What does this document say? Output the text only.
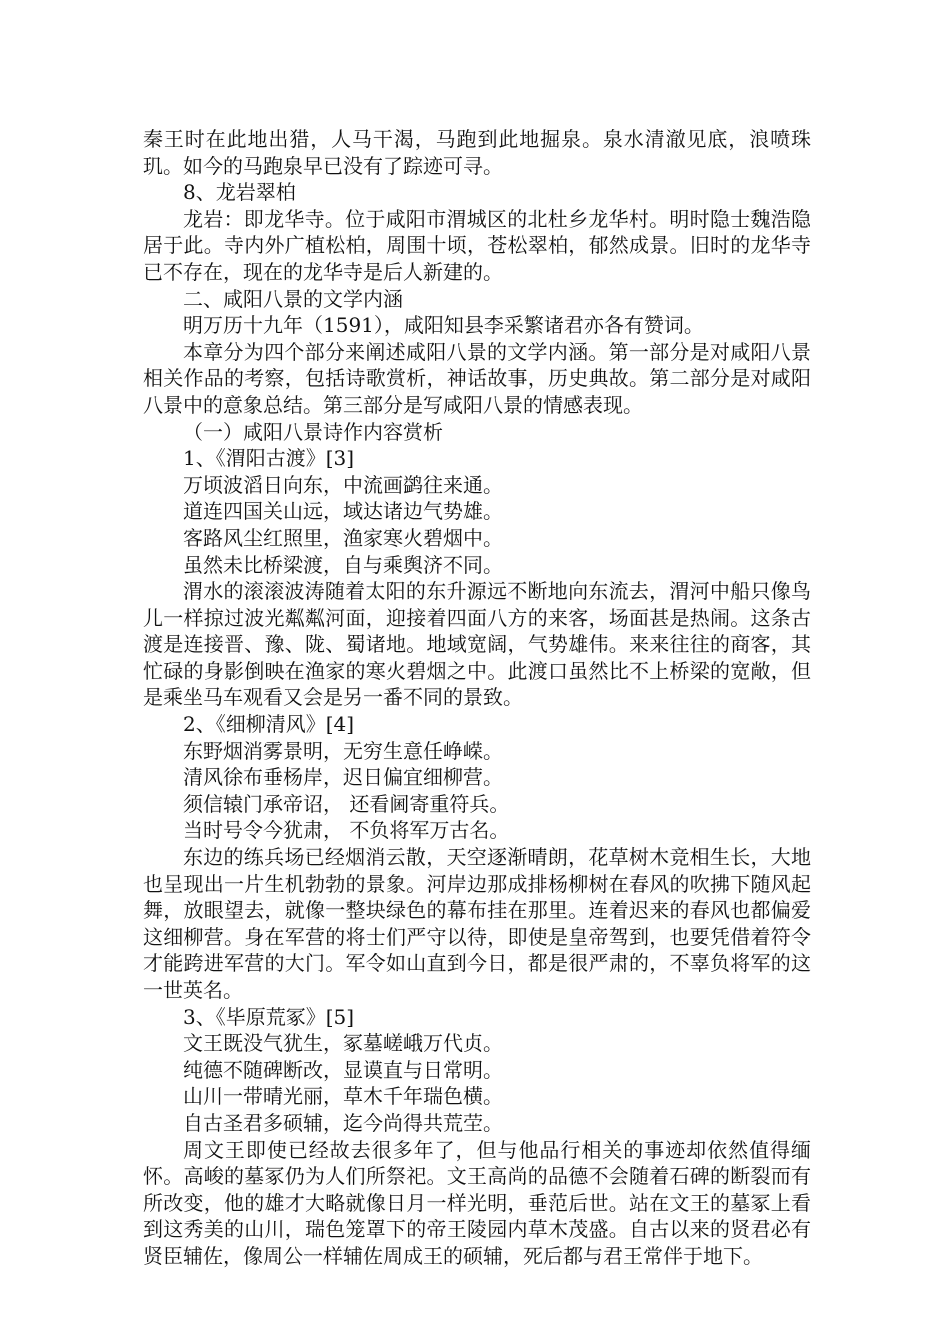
秦王时在此地出猎，人马干渴，马跑到此地掘泉。泉水清澈见底，浪喷珠玑。如今的马跑泉早已没有了踪迹可寻。

8、龙岩翠柏

龙岩：即龙华寺。位于咸阳市渭城区的北杜乡龙华村。明时隐士魏浩隐居于此。寺内外广植松柏，周围十顷，苍松翠柏，郁然成景。旧时的龙华寺已不存在，现在的龙华寺是后人新建的。

二、咸阳八景的文学内涵

明万历十九年（1591），咸阳知县李采繁诸君亦各有赞词。

本章分为四个部分来阐述咸阳八景的文学内涵。第一部分是对咸阳八景相关作品的考察，包括诗歌赏析，神话故事，历史典故。第二部分是对咸阳八景中的意象总结。第三部分是写咸阳八景的情感表现。

（一）咸阳八景诗作内容赏析

1、《渭阳古渡》[3]

万顷波滔日向东，中流画鹢往来通。

道连四国关山远，域达诸边气势雄。

客路风尘红照里，渔家寒火碧烟中。

虽然未比桥梁渡，自与乘舆济不同。

渭水的滚滚波涛随着太阳的东升源远不断地向东流去，渭河中船只像鸟儿一样掠过波光粼粼河面，迎接着四面八方的来客，场面甚是热闹。这条古渡是连接晋、豫、陇、蜀诸地。地域宽阔，气势雄伟。来来往往的商客，其忙碌的身影倒映在渔家的寒火碧烟之中。此渡口虽然比不上桥梁的宽敞，但是乘坐马车观看又会是另一番不同的景致。

2、《细柳清风》[4]

东野烟消雾景明，无穷生意任峥嵘。

清风徐布垂杨岸，迟日偏宜细柳营。

须信辕门承帝诏， 还看阃寄重符兵。

当时号令今犹肃， 不负将军万古名。

东边的练兵场已经烟消云散，天空逐渐晴朗，花草树木竞相生长，大地也呈现出一片生机勃勃的景象。河岸边那成排杨柳树在春风的吹拂下随风起舞，放眼望去，就像一整块绿色的幕布挂在那里。连着迟来的春风也都偏爱这细柳营。身在军营的将士们严守以待，即使是皇帝驾到，也要凭借着符令才能跨进军营的大门。军令如山直到今日，都是很严肃的，不辜负将军的这一世英名。

3、《毕原荒冢》[5]

文王既没气犹生，冢墓嵯峨万代贞。

纯德不随碑断改，显谟直与日常明。

山川一带晴光丽，草木千年瑞色横。

自古圣君多硕辅，迄今尚得共荒茔。

周文王即使已经故去很多年了，但与他品行相关的事迹却依然值得缅怀。高峻的墓冢仍为人们所祭祀。文王高尚的品德不会随着石碑的断裂而有所改变，他的雄才大略就像日月一样光明，垂范后世。站在文王的墓冢上看到这秀美的山川，瑞色笼罩下的帝王陵园内草木茂盛。自古以来的贤君必有贤臣辅佐，像周公一样辅佐周成王的硕辅，死后都与君王常伴于地下。
